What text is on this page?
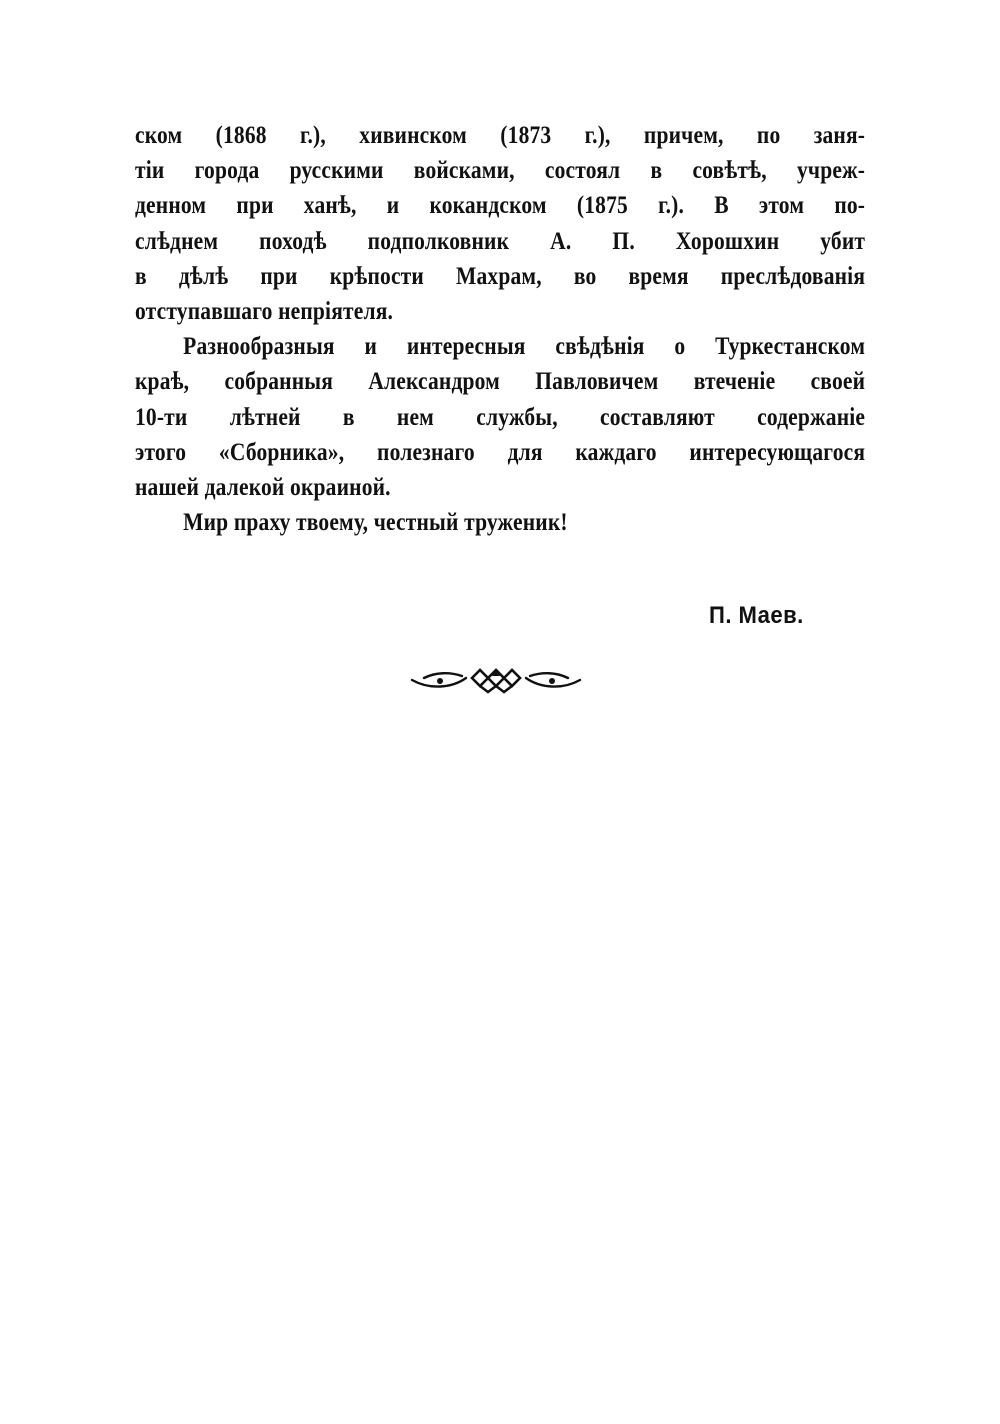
ском (1868 г.), хивинском (1873 г.), причем, по заня-
тіи города русскими войсками, состоял в совѣтѣ, учреж-
денном при ханѣ, и кокандском (1875 г.). В этом по-
слѣднем походѣ подполковник А. П. Хорошхин убит
в дѣлѣ при крѣпости Махрам, во время преслѣдованія
отступавшаго непріятеля.
Разнообразныя и интересныя свѣдѣнія о Туркестанском
краѣ, собранныя Александром Павловичем втеченіе своей
10-ти лѣтней в нем службы, составляют содержаніе
этого «Сборника», полезнаго для каждаго интересующагося
нашей далекой окраиной.
Мир праху твоему, честный труженик!
П. Маев.
